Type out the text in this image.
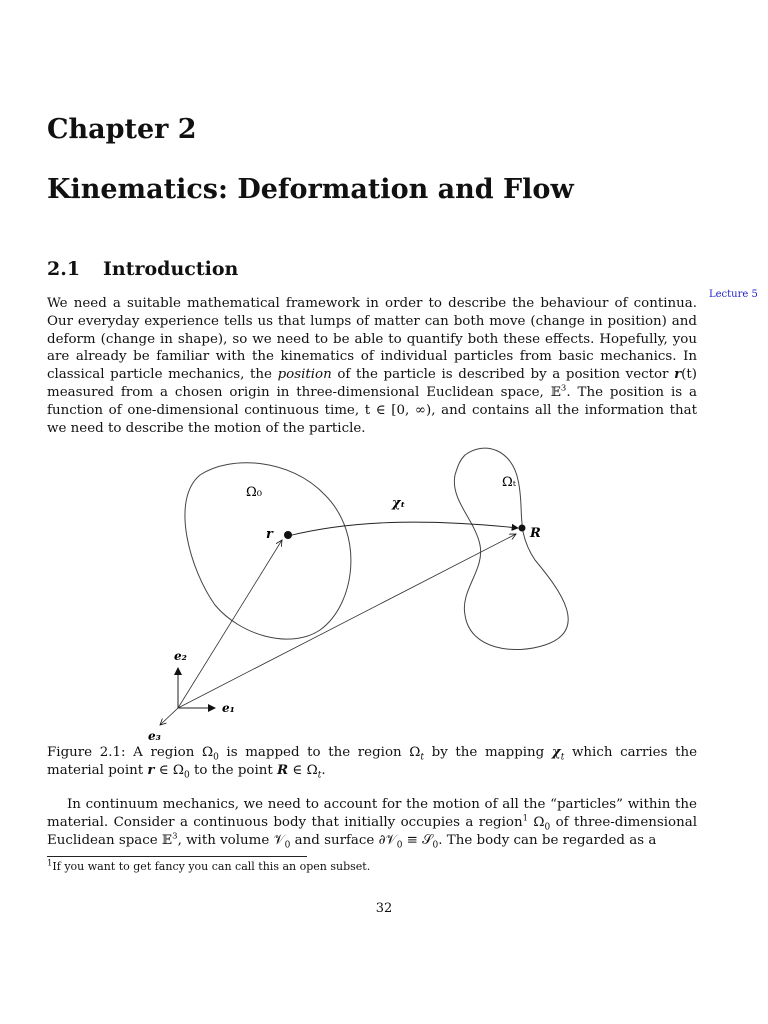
Chapter 2
Kinematics: Deformation and Flow
2.1 Introduction
Lecture 5
We need a suitable mathematical framework in order to describe the behaviour of continua. Our everyday experience tells us that lumps of matter can both move (change in position) and deform (change in shape), so we need to be able to quantify both these effects. Hopefully, you are already be familiar with the kinematics of individual particles from basic mechanics. In classical particle mechanics, the position of the particle is described by a position vector r(t) measured from a chosen origin in three-dimensional Euclidean space, 𝔼$^3$. The position is a function of one-dimensional continuous time, t ∈ [0, ∞), and contains all the information that we need to describe the motion of the particle.
Ω₀
Ωₜ
χₜ
r	R
e₁
e₂
e₃
Figure 2.1: A region $\Omega_0$ is mapped to the region $\Omega_t$ by the mapping $\chi_t$ which carries the material point r ∈ $\Omega_0$ to the point R ∈ $\Omega_t$.
In continuum mechanics, we need to account for the motion of all the “particles” within the material. Consider a continuous body that initially occupies a region$^1$ $\Omega_0$ of three-dimensional Euclidean space 𝔼$^3$, with volume 𝒱$_0$ and surface ∂𝒱$_0$ ≡ 𝒮$_0$. The body can be regarded as a
$^1$If you want to get fancy you can call this an open subset.
32
